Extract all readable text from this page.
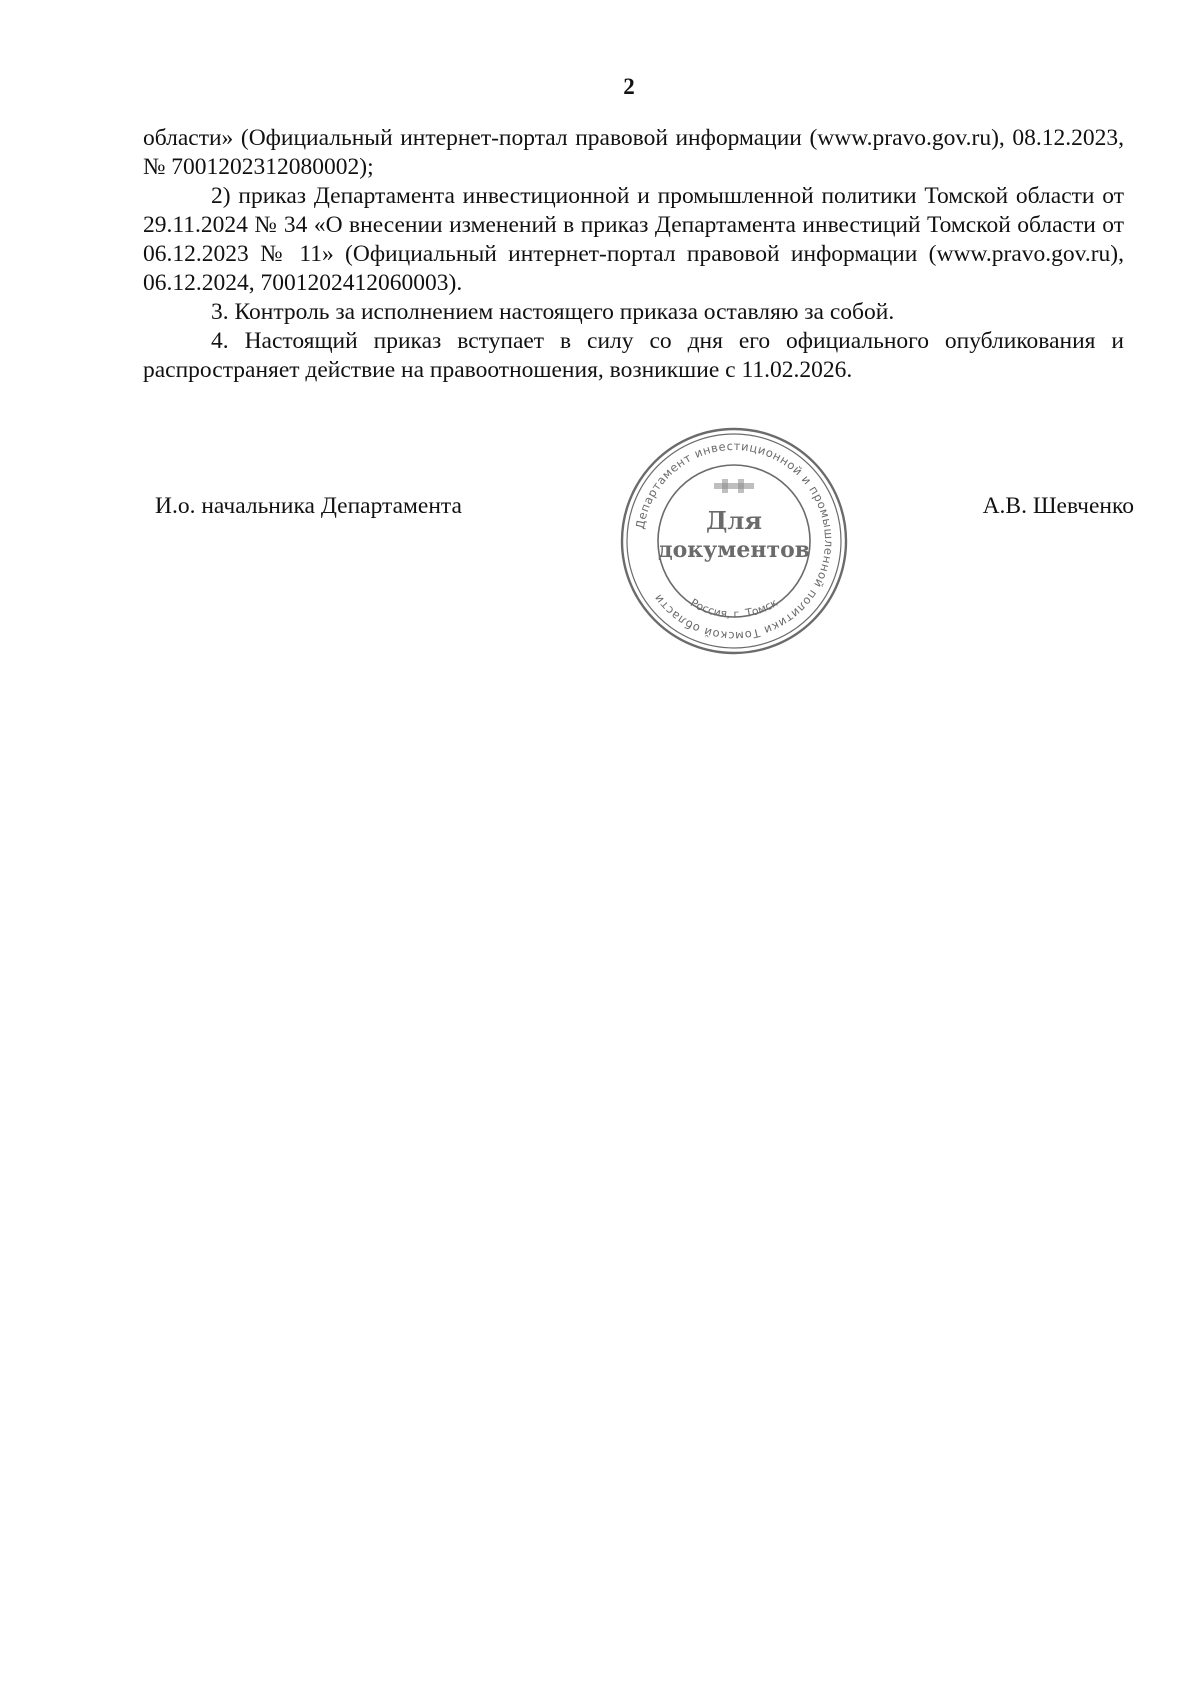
2

области» (Официальный интернет-портал правовой информации (www.pravo.gov.ru), 08.12.2023, № 7001202312080002);

2) приказ Департамента инвестиционной и промышленной политики Томской области от 29.11.2024 № 34 «О внесении изменений в приказ Департамента инвестиций Томской области от 06.12.2023 № 11» (Официальный интернет-портал правовой информации (www.pravo.gov.ru), 06.12.2024, 7001202412060003).

3. Контроль за исполнением настоящего приказа оставляю за собой.

4. Настоящий приказ вступает в силу со дня его официального опубликования и распространяет действие на правоотношения, возникшие с 11.02.2026.

И.о. начальника Департамента	А.В. Шевченко
Департамент инвестиционной и промышленной политики Томской области	Россия, г. Томск
Для
документов
